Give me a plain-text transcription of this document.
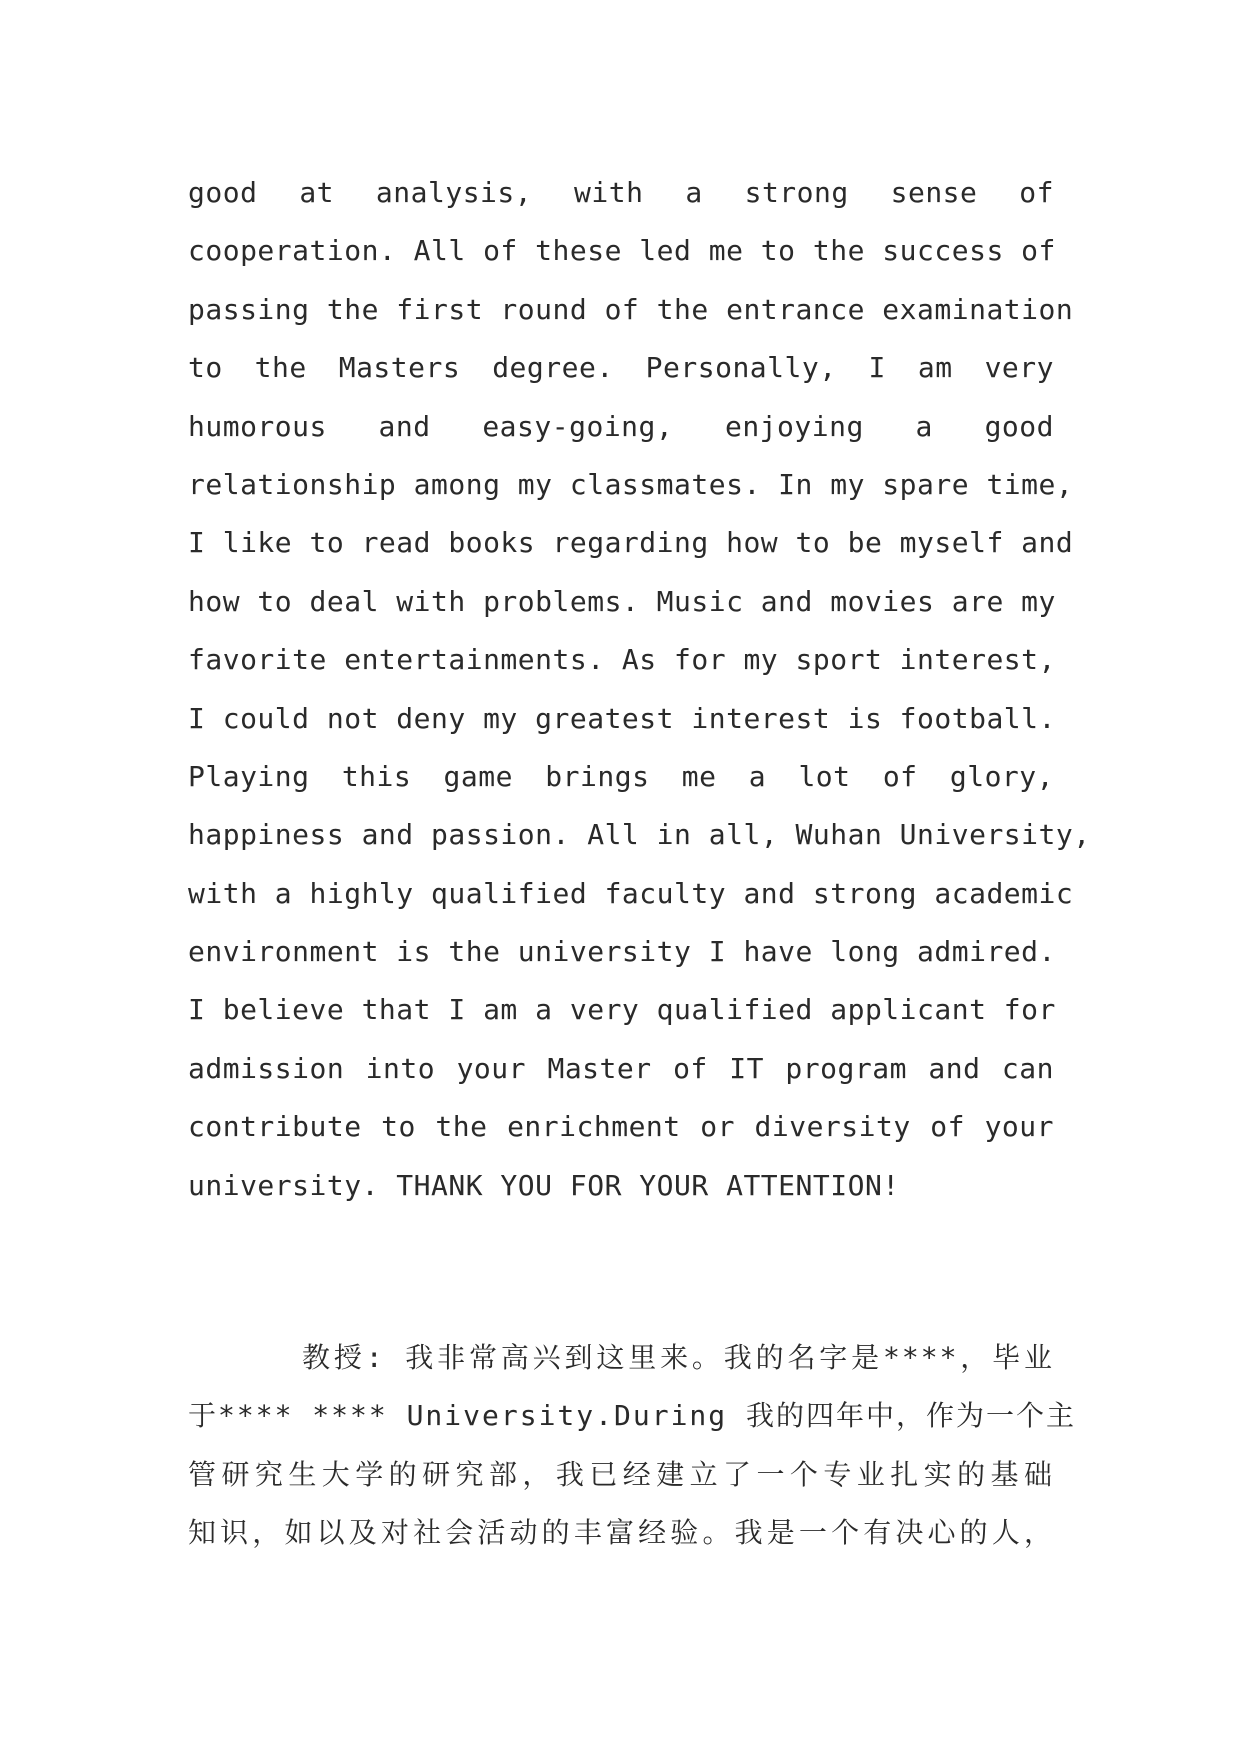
good at analysis, with a strong sense of
cooperation. All of these led me to the success of
passing the first round of the entrance examination
to the Masters degree. Personally, I am very
humorous and easy-going, enjoying a good
relationship among my classmates. In my spare time,
I like to read books regarding how to be myself and
how to deal with problems. Music and movies are my
favorite entertainments. As for my sport interest,
I could not deny my greatest interest is football.
Playing this game brings me a lot of glory,
happiness and passion. All in all, Wuhan University,
with a highly qualified faculty and strong academic
environment is the university I have long admired.
I believe that I am a very qualified applicant for
admission into your Master of IT program and can
contribute to the enrichment or diversity of your
university. THANK YOU FOR YOUR ATTENTION!
教授: 我非常高兴到这里来。我的名字是****，毕业
于**** **** University.During 我的四年中，作为一个主
管研究生大学的研究部，我已经建立了一个专业扎实的基础
知识，如以及对社会活动的丰富经验。我是一个有决心的人，
